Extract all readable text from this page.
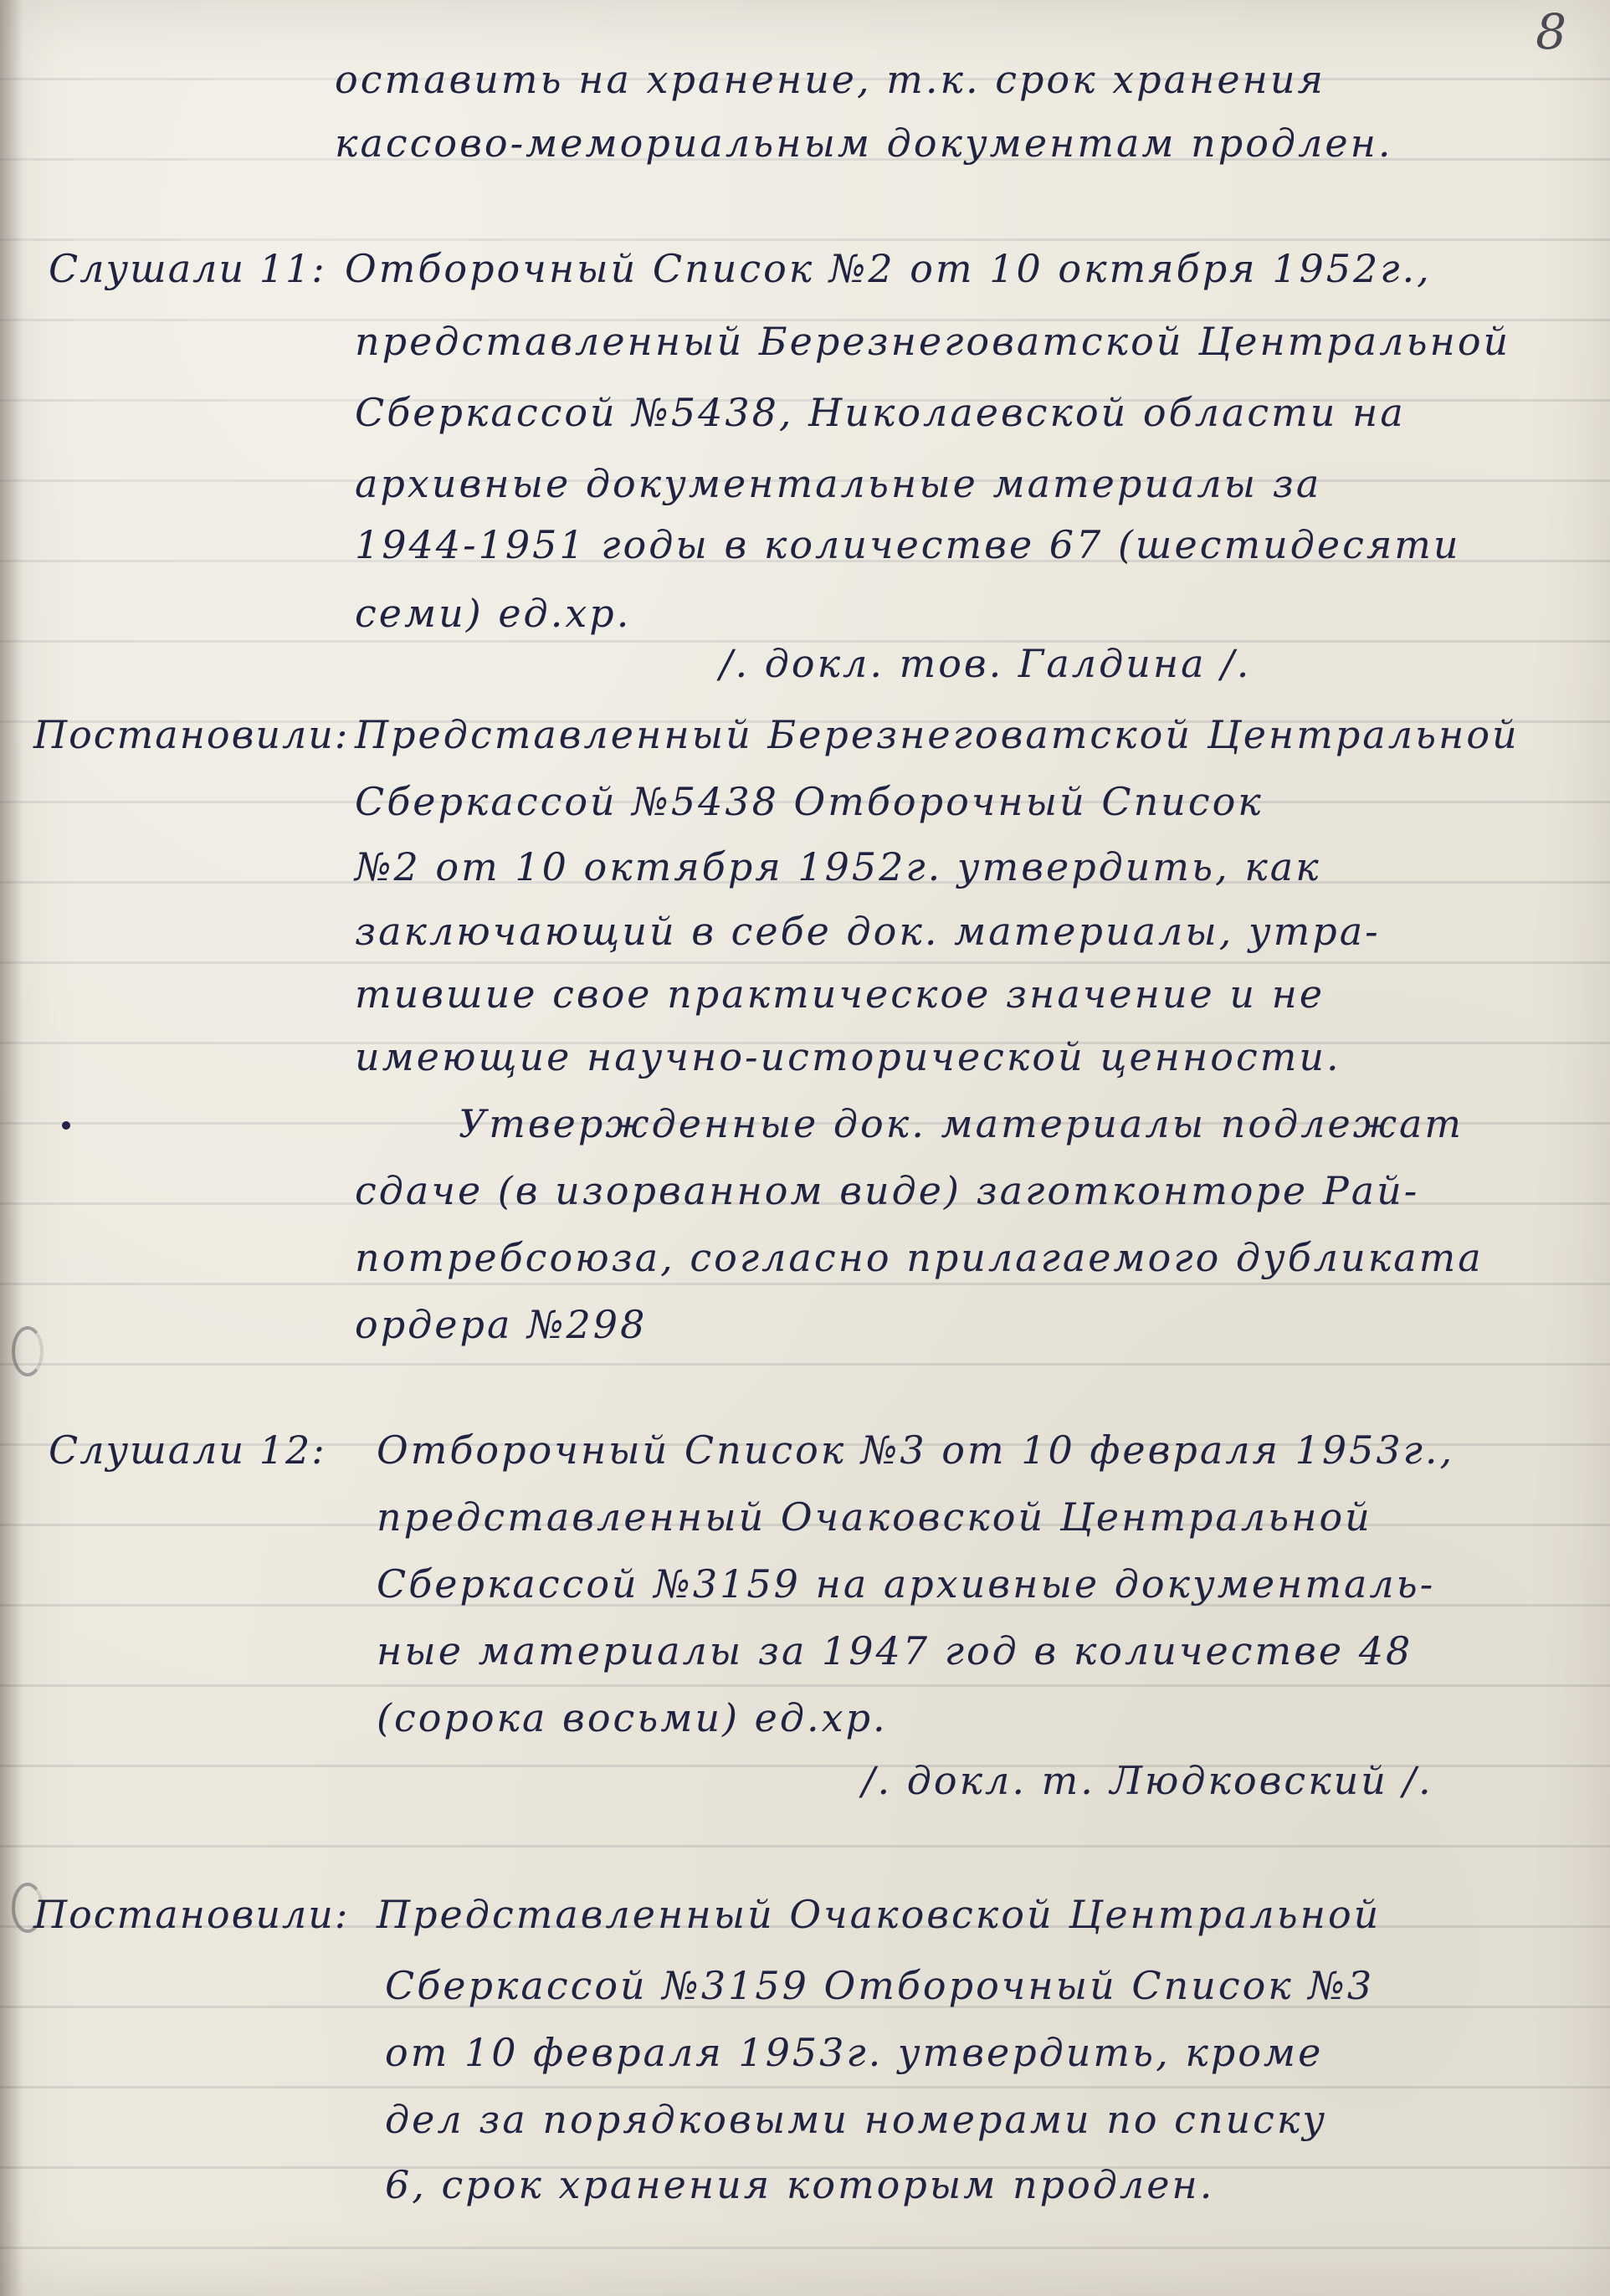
8
оставить на хранение, т.к. срок хранения
кассово-мемориальным документам продлен.
Слушали 11: Отборочный Список №2 от 10 октября 1952г.,
представленный Березнеговатской Центральной
Сберкассой №5438, Николаевской области на
архивные документальные материалы за
1944-1951 годы в количестве 67 (шестидесяти
семи) ед.хр.
/. докл. тов. Галдина /.
Постановили: Представленный Березнеговатской Центральной
Сберкассой №5438 Отборочный Список
№2 от 10 октября 1952г. утвердить, как
заключающий в себе док. материалы, утра-
тившие свое практическое значение и не
имеющие научно-исторической ценности.
Утвержденные док. материалы подлежат
сдаче (в изорванном виде) заготконторе Рай-
потребсоюза, согласно прилагаемого дубликата
ордера №298
Слушали 12: Отборочный Список №3 от 10 февраля 1953г.,
представленный Очаковской Центральной
Сберкассой №3159 на архивные документаль-
ные материалы за 1947 год в количестве 48
(сорока восьми) ед.хр.
/. докл. т. Людковский /.
Постановили: Представленный Очаковской Центральной
Сберкассой №3159 Отборочный Список №3
от 10 февраля 1953г. утвердить, кроме
дел за порядковыми номерами по списку
6, срок хранения которым продлен.
